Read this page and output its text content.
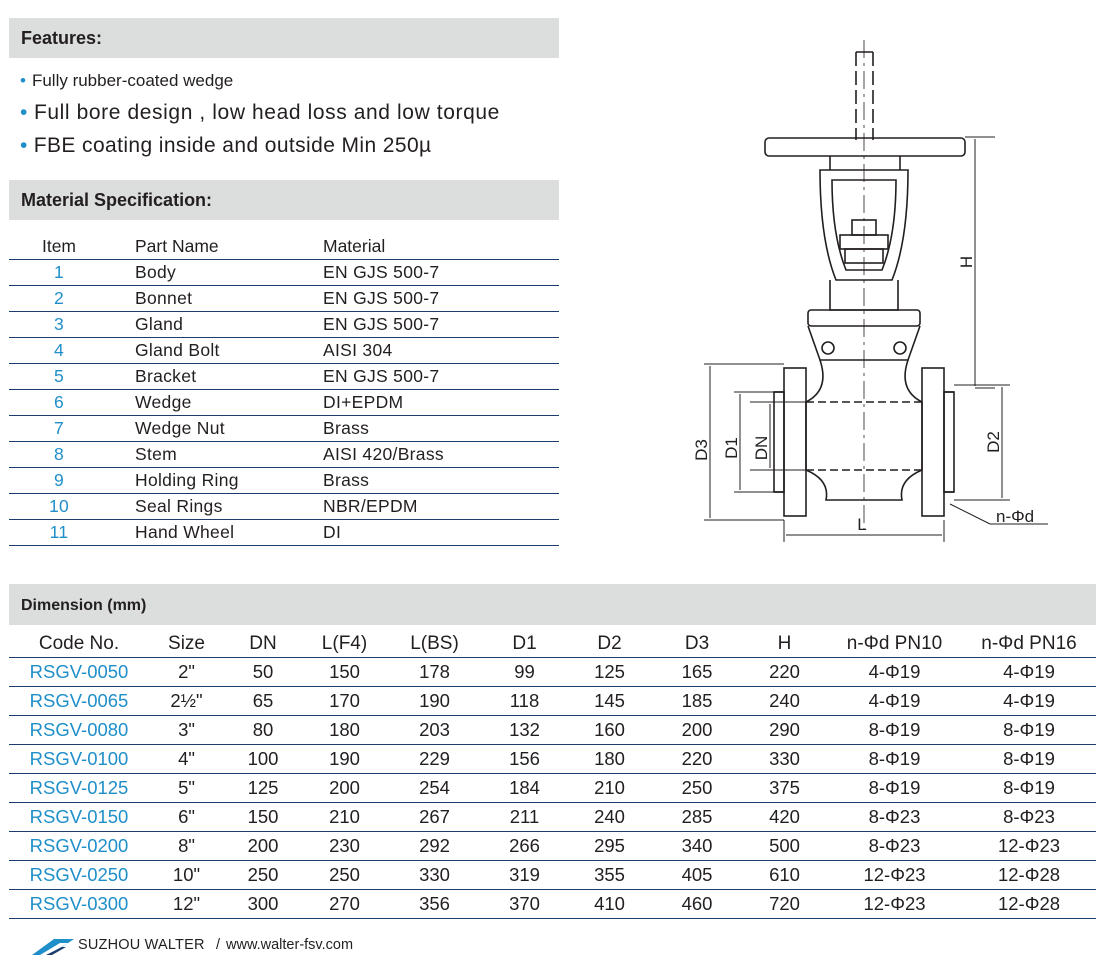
Features:
• Fully rubber-coated wedge
• Full bore design , low head loss and low torque
• FBE coating inside and outside Min 250µ
Material Specification:
Item	Part Name	Material
1	Body	EN GJS 500-7
2	Bonnet	EN GJS 500-7
3	Gland	EN GJS 500-7
4	Gland Bolt	AISI 304
5	Bracket	EN GJS 500-7
6	Wedge	DI+EPDM
7	Wedge Nut	Brass
8	Stem	AISI 420/Brass
9	Holding Ring	Brass
10	Seal Rings	NBR/EPDM
11	Hand Wheel	DI
H
D2
D3 D1 DN
L	n-Φd
Dimension (mm)
Code No.	Size	DN	L(F4)	L(BS)	D1	D2	D3	H	n-Φd PN10	n-Φd PN16
RSGV-0050	2"	50	150	178	99	125	165	220	4-Φ19	4-Φ19
RSGV-0065	2½"	65	170	190	118	145	185	240	4-Φ19	4-Φ19
RSGV-0080	3"	80	180	203	132	160	200	290	8-Φ19	8-Φ19
RSGV-0100	4"	100	190	229	156	180	220	330	8-Φ19	8-Φ19
RSGV-0125	5"	125	200	254	184	210	250	375	8-Φ19	8-Φ19
RSGV-0150	6"	150	210	267	211	240	285	420	8-Φ23	8-Φ23
RSGV-0200	8"	200	230	292	266	295	340	500	8-Φ23	12-Φ23
RSGV-0250	10"	250	250	330	319	355	405	610	12-Φ23	12-Φ28
RSGV-0300	12"	300	270	356	370	410	460	720	12-Φ23	12-Φ28
SUZHOU WALTER / www.walter-fsv.com
